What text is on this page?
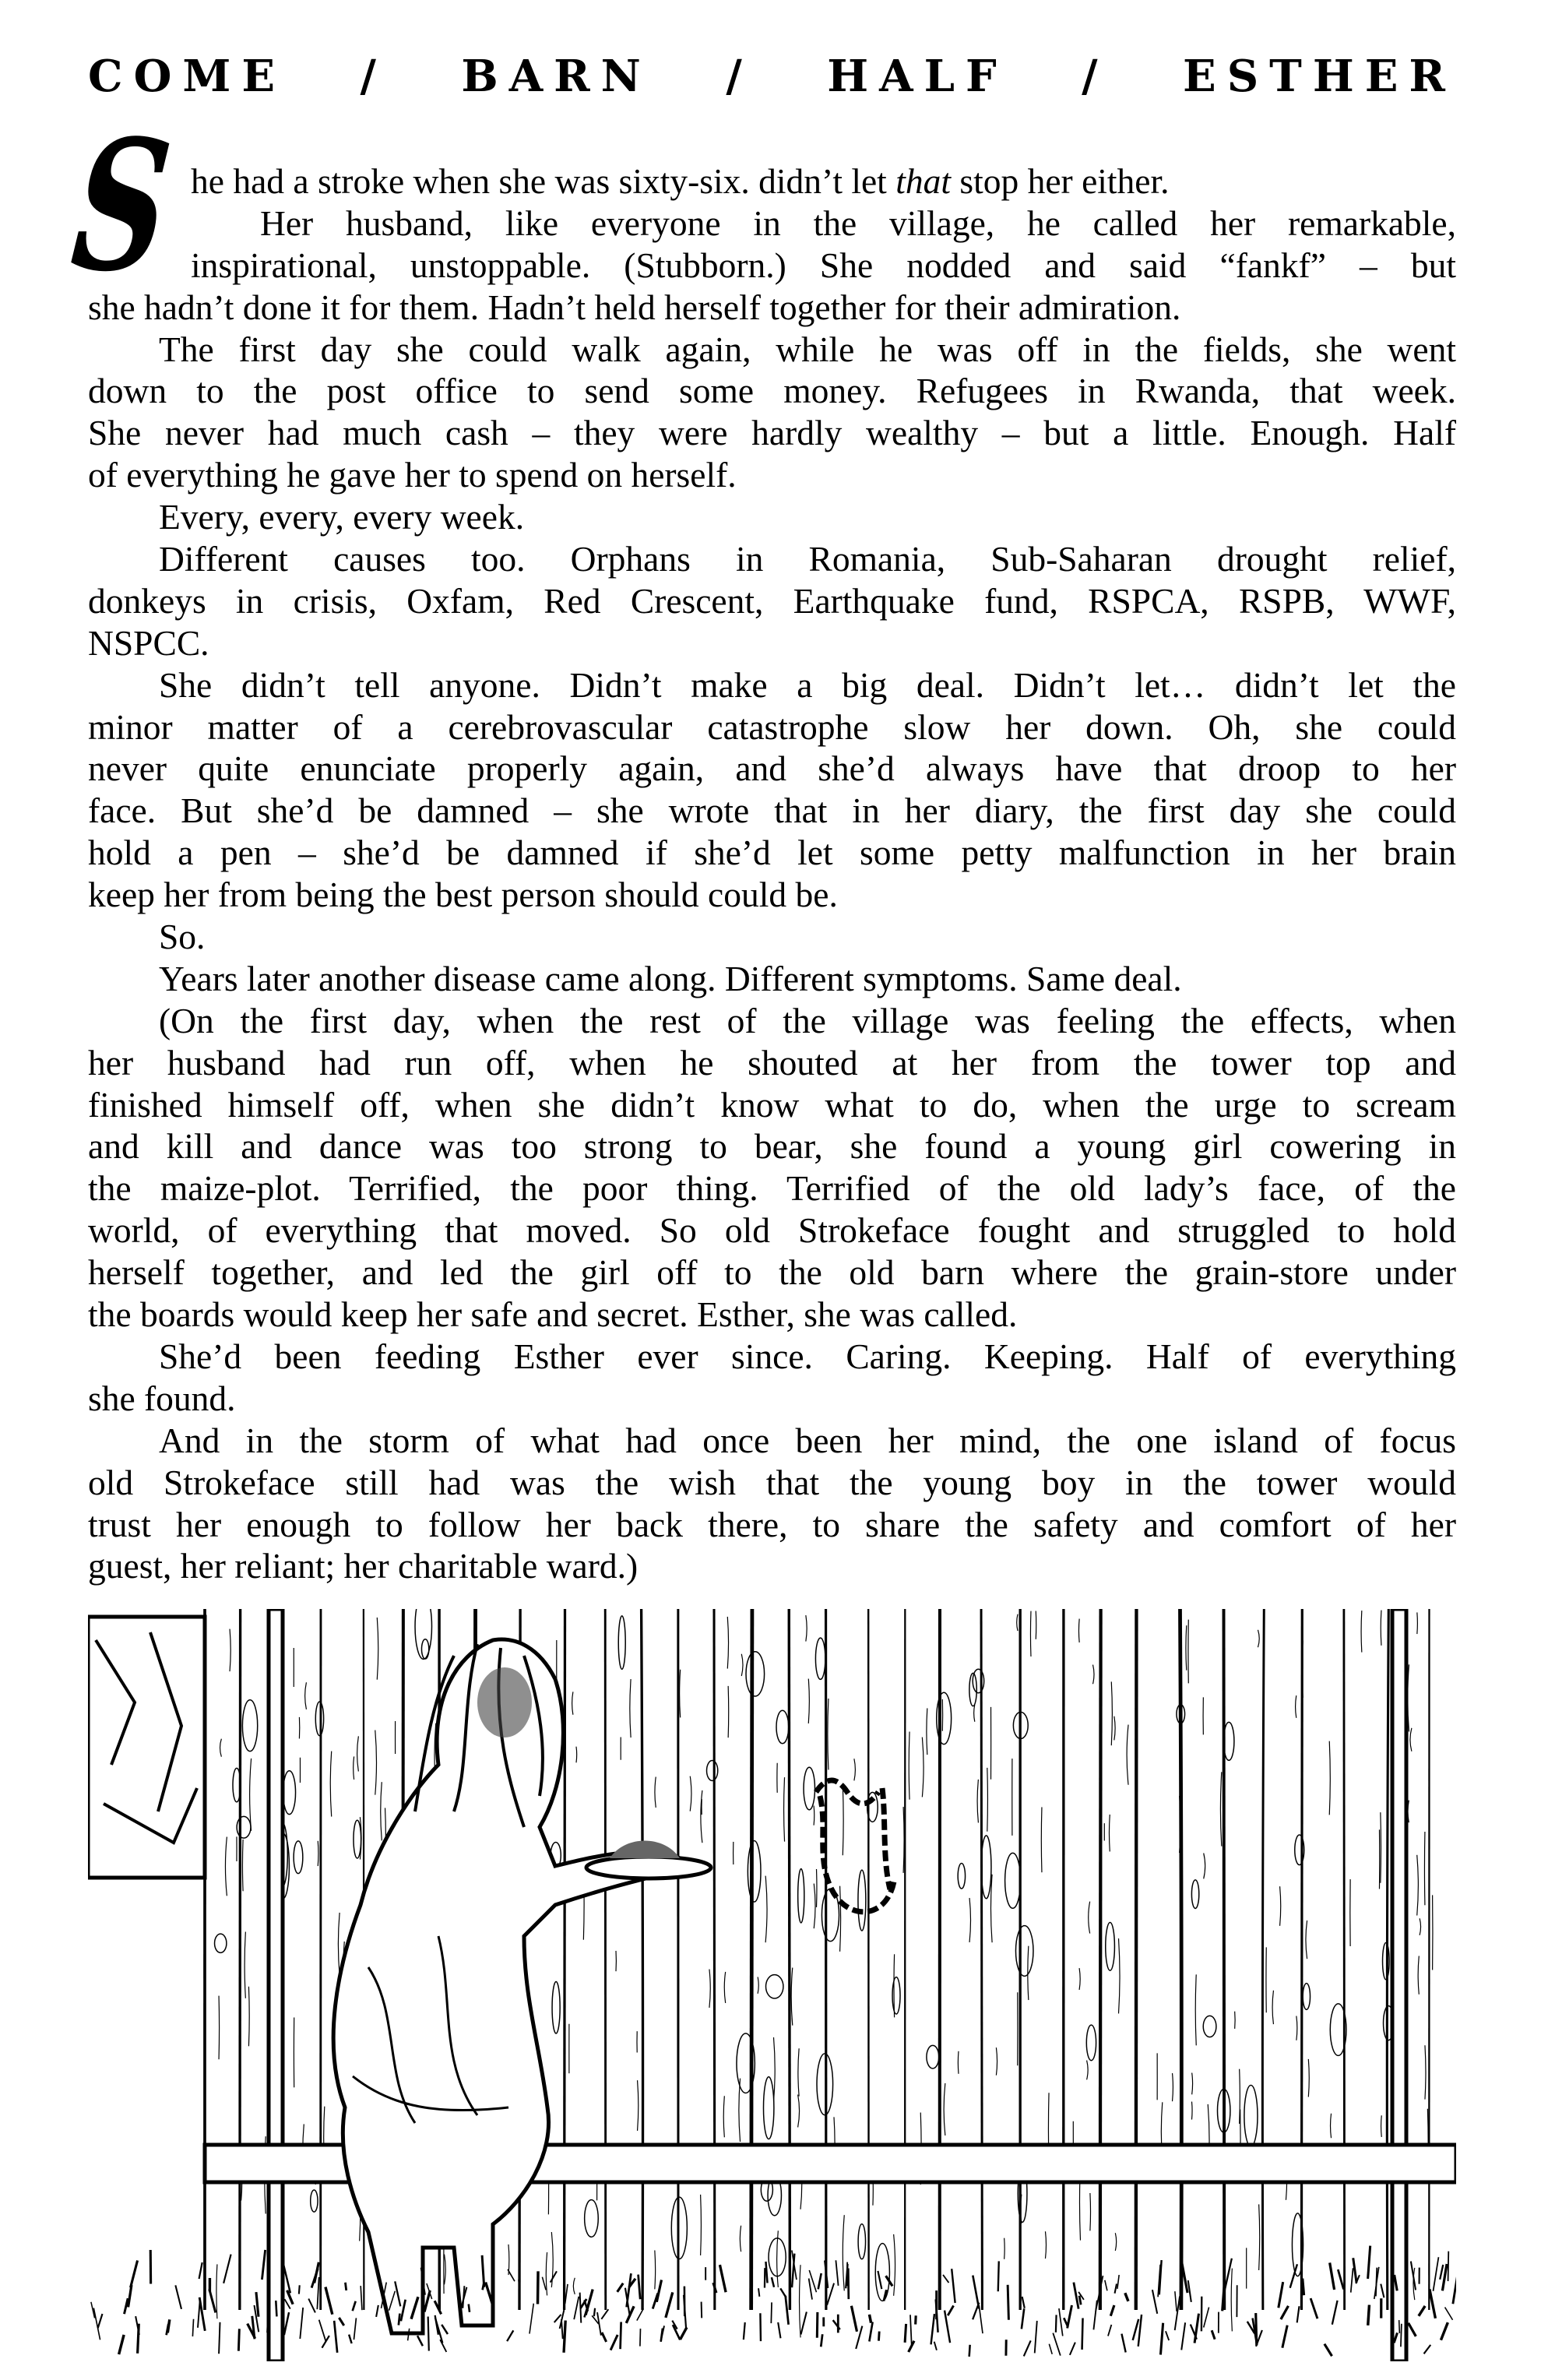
COME / BARN / HALF / ESTHER
S he had a stroke when she was sixty-six. didn’t let that stop her either.
Her husband, like everyone in the village, he called her remarkable,
inspirational, unstoppable. (Stubborn.) She nodded and said “fankf” – but
she hadn’t done it for them. Hadn’t held herself together for their admiration.
The first day she could walk again, while he was off in the fields, she went
down to the post office to send some money. Refugees in Rwanda, that week.
She never had much cash – they were hardly wealthy – but a little. Enough. Half
of everything he gave her to spend on herself.
Every, every, every week.
Different causes too. Orphans in Romania, Sub-Saharan drought relief,
donkeys in crisis, Oxfam, Red Crescent, Earthquake fund, RSPCA, RSPB, WWF,
NSPCC.
She didn’t tell anyone. Didn’t make a big deal. Didn’t let… didn’t let the
minor matter of a cerebrovascular catastrophe slow her down. Oh, she could
never quite enunciate properly again, and she’d always have that droop to her
face. But she’d be damned – she wrote that in her diary, the first day she could
hold a pen – she’d be damned if she’d let some petty malfunction in her brain
keep her from being the best person should could be.
So.
Years later another disease came along. Different symptoms. Same deal.
(On the first day, when the rest of the village was feeling the effects, when
her husband had run off, when he shouted at her from the tower top and
finished himself off, when she didn’t know what to do, when the urge to scream
and kill and dance was too strong to bear, she found a young girl cowering in
the maize-plot. Terrified, the poor thing. Terrified of the old lady’s face, of the
world, of everything that moved. So old Strokeface fought and struggled to hold
herself together, and led the girl off to the old barn where the grain-store under
the boards would keep her safe and secret. Esther, she was called.
She’d been feeding Esther ever since. Caring. Keeping. Half of everything
she found.
And in the storm of what had once been her mind, the one island of focus
old Strokeface still had was the wish that the young boy in the tower would
trust her enough to follow her back there, to share the safety and comfort of her
guest, her reliant; her charitable ward.)
